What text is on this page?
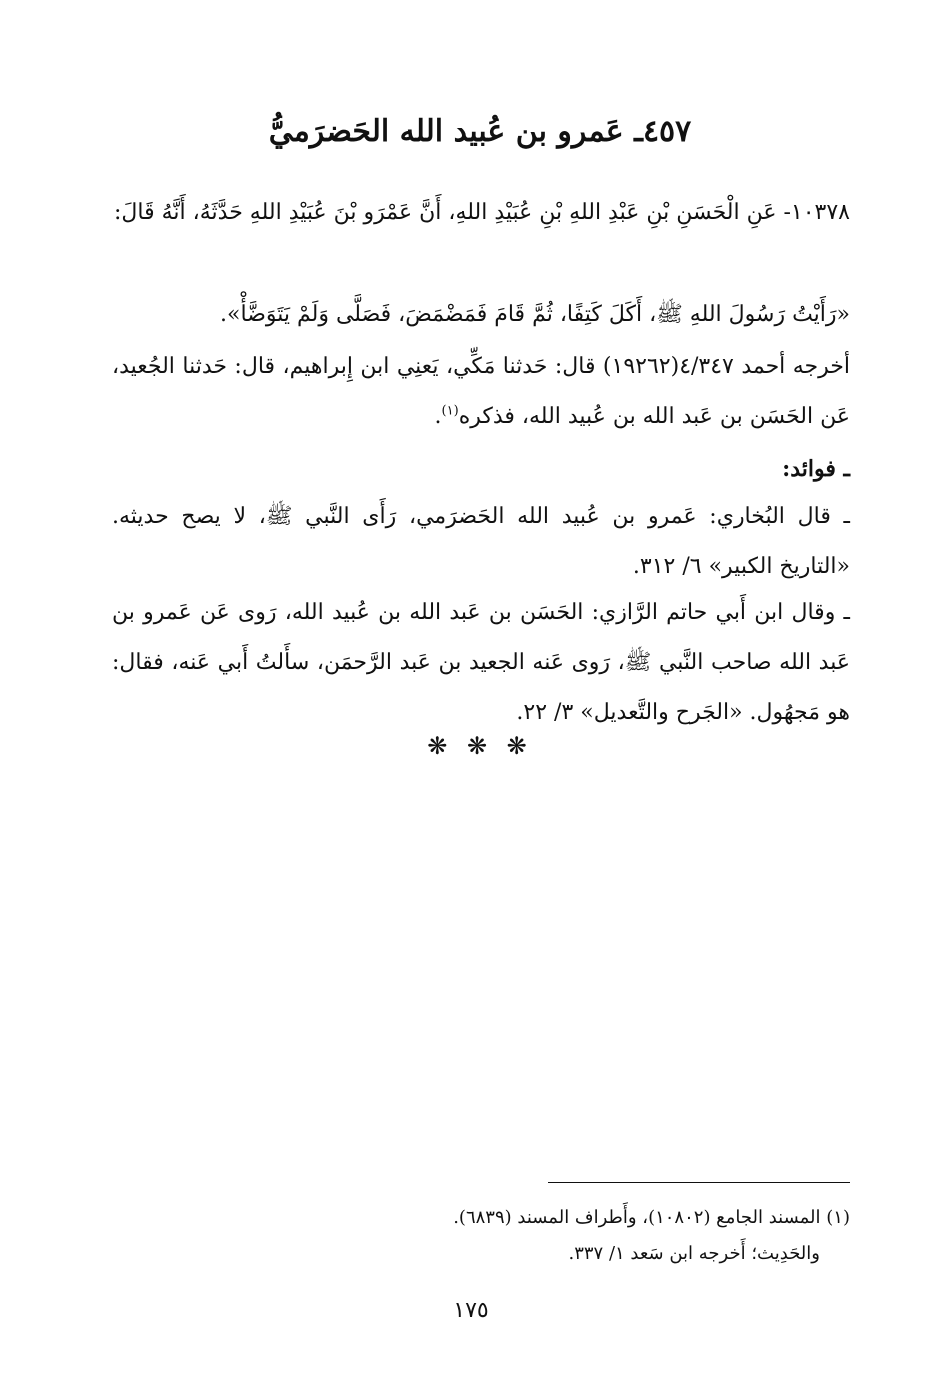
٤٥٧ـ عَمرو بن عُبيد الله الحَضرَميُّ

١٠٣٧٨- عَنِ الْحَسَنِ بْنِ عَبْدِ اللهِ بْنِ عُبَيْدِ اللهِ، أَنَّ عَمْرَو بْنَ عُبَيْدِ اللهِ حَدَّثَهُ، أَنَّهُ قَالَ:

«رَأَيْتُ رَسُولَ اللهِ ﷺ، أَكَلَ كَتِفًا، ثُمَّ قَامَ فَمَضْمَضَ، فَصَلَّى وَلَمْ يَتَوَضَّأْ».

أخرجه أحمد ٤/٣٤٧(١٩٢٦٢) قال: حَدثنا مَكِّي، يَعنِي ابن إِبراهيم، قال: حَدثنا الجُعيد، عَن الحَسَن بن عَبد الله بن عُبيد الله، فذكره$^{(١)}$.

ـ فوائد:

ـ قال البُخاري: عَمرو بن عُبيد الله الحَضرَمي، رَأَى النَّبي ﷺ، لا يصح حديثه. «التاريخ الكبير» ٦/ ٣١٢.

ـ وقال ابن أَبي حاتم الرَّازي: الحَسَن بن عَبد الله بن عُبيد الله، رَوى عَن عَمرو بن عَبد الله صاحب النَّبي ﷺ، رَوى عَنه الجعيد بن عَبد الرَّحمَن، سأَلتُ أَبي عَنه، فقال: هو مَجهُول. «الجَرح والتَّعديل» ٣/ ٢٢.

❋ ❋ ❋

(١) المسند الجامع (١٠٨٠٢)، وأَطراف المسند (٦٨٣٩).

والحَدِيث؛ أَخرجه ابن سَعد ١/ ٣٣٧.

١٧٥
